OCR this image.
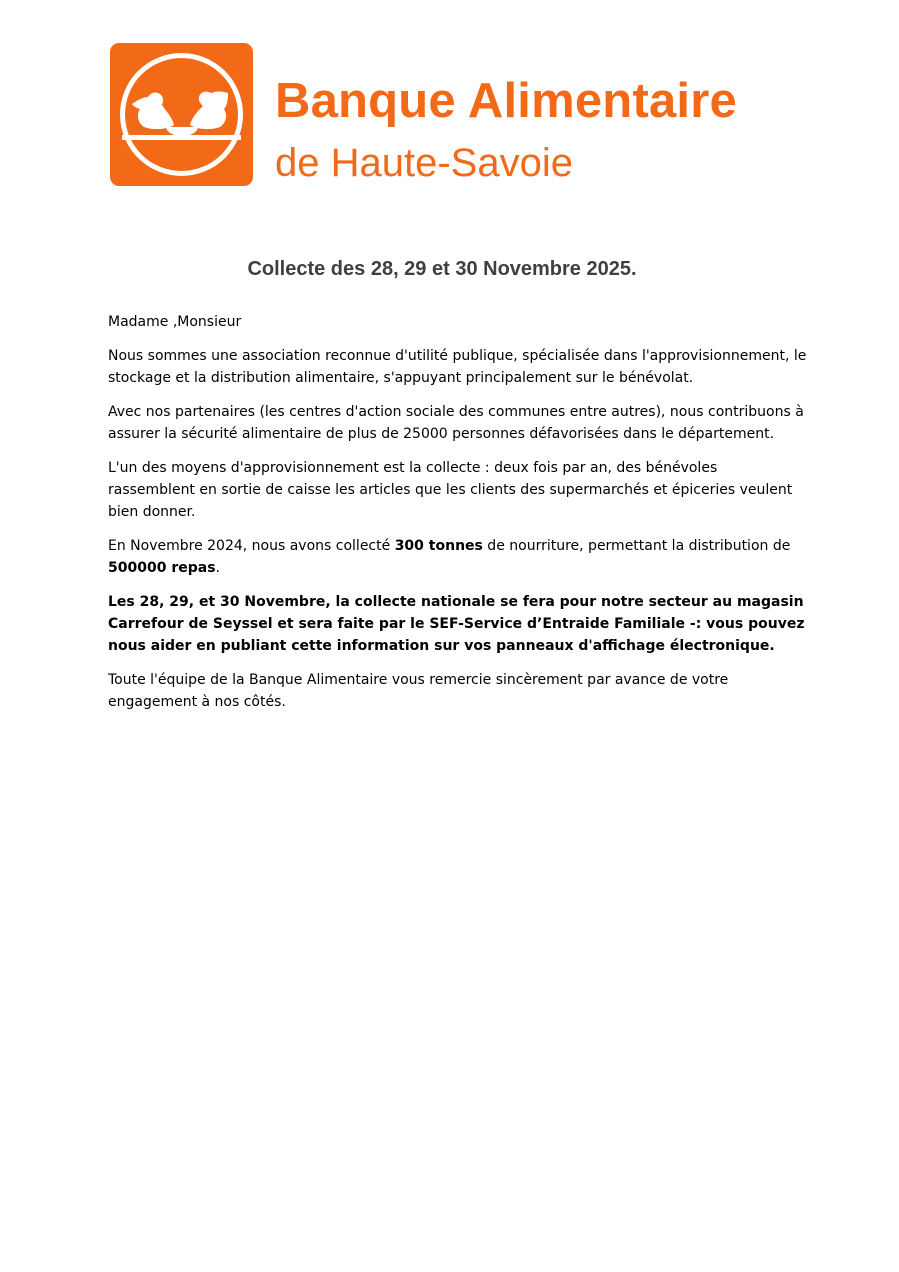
Banque Alimentaire
de Haute-Savoie
Collecte des 28, 29 et 30 Novembre 2025.

Madame ,Monsieur

Nous sommes une association reconnue d'utilité publique, spécialisée dans l'approvisionnement, le stockage et la distribution alimentaire, s'appuyant principalement sur le bénévolat.

Avec nos partenaires (les centres d'action sociale des communes entre autres), nous contribuons à assurer la sécurité alimentaire de plus de 25000 personnes défavorisées dans le département.

L'un des moyens d'approvisionnement est la collecte : deux fois par an, des bénévoles rassemblent en sortie de caisse les articles que les clients des supermarchés et épiceries veulent bien donner.

En Novembre 2024, nous avons collecté 300 tonnes de nourriture, permettant la distribution de 500000 repas.

Les 28, 29, et 30 Novembre, la collecte nationale se fera pour notre secteur au magasin Carrefour de Seyssel et sera faite par le SEF-Service d’Entraide Familiale -: vous pouvez nous aider en publiant cette information sur vos panneaux d'affichage électronique.

Toute l'équipe de la Banque Alimentaire vous remercie sincèrement par avance de votre engagement à nos côtés.
